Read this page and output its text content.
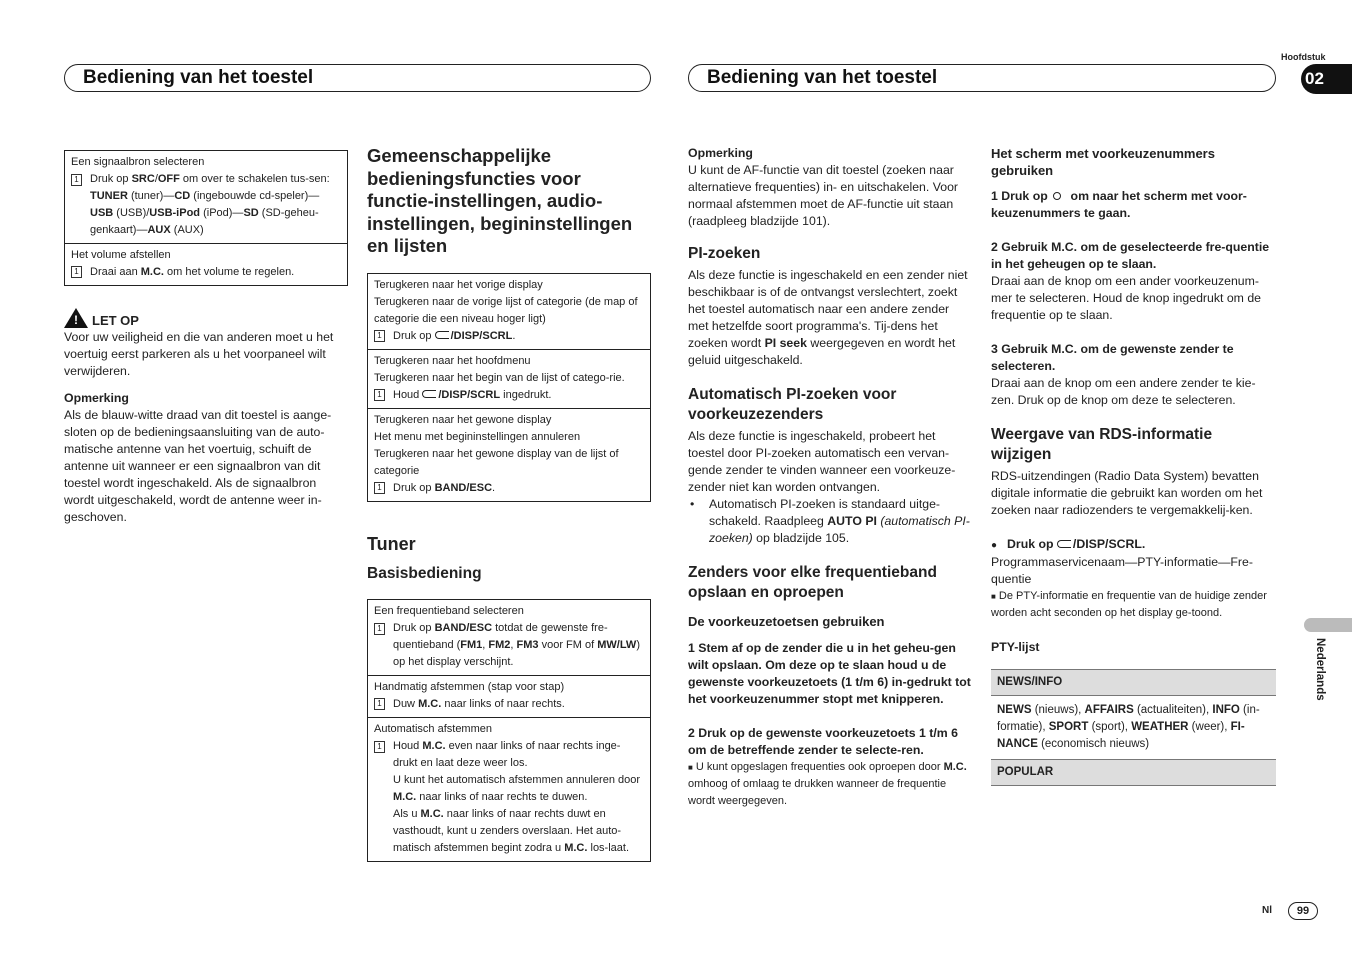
Bediening van het toestel	Bediening van het toestel
Hoofdstuk
02
Nederlands
Nl	99
Een signaalbron selecteren
1 Druk op SRC/OFF om over te schakelen tus-sen:
TUNER (tuner)—CD (ingebouwde cd-speler)—USB (USB)/USB-iPod (iPod)—SD (SD-geheu-genkaart)—AUX (AUX)
Het volume afstellen
1 Draai aan M.C. om het volume te regelen.
!LET OP

Voor uw veiligheid en die van anderen moet u het voertuig eerst parkeren als u het voorpaneel wilt verwijderen.

Opmerking

Als de blauw-witte draad van dit toestel is aange-sloten op de bedieningsaansluiting van de auto-matische antenne van het voertuig, schuift de antenne uit wanneer er een signaalbron van dit toestel wordt ingeschakeld. Als de signaalbron wordt uitgeschakeld, wordt de antenne weer in-geschoven.

Gemeenschappelijke bedieningsfuncties voor functie-instellingen, audio-instellingen, begininstellingen en lijsten
Terugkeren naar het vorige display
Terugkeren naar de vorige lijst of categorie (de map of categorie die een niveau hoger ligt)
1 Druk op /DISP/SCRL.
Terugkeren naar het hoofdmenu
Terugkeren naar het begin van de lijst of catego-rie.
1 Houd /DISP/SCRL ingedrukt.
Terugkeren naar het gewone display
Het menu met begininstellingen annuleren
Terugkeren naar het gewone display van de lijst of categorie
1 Druk op BAND/ESC.
Tuner
Basisbediening
Een frequentieband selecteren
1 Druk op BAND/ESC totdat de gewenste fre-quentieband (FM1, FM2, FM3 voor FM of MW/LW) op het display verschijnt.
Handmatig afstemmen (stap voor stap)
1 Duw M.C. naar links of naar rechts.
Automatisch afstemmen
1 Houd M.C. even naar links of naar rechts inge-drukt en laat deze weer los.
U kunt het automatisch afstemmen annuleren door M.C. naar links of naar rechts te duwen.
Als u M.C. naar links of naar rechts duwt en vasthoudt, kunt u zenders overslaan. Het auto-matisch afstemmen begint zodra u M.C. los-laat.
Opmerking

U kunt de AF-functie van dit toestel (zoeken naar alternatieve frequenties) in- en uitschakelen. Voor normaal afstemmen moet de AF-functie uit staan (raadpleeg bladzijde 101).

PI-zoeken

Als deze functie is ingeschakeld en een zender niet beschikbaar is of de ontvangst verslechtert, zoekt het toestel automatisch naar een andere zender met hetzelfde soort programma's. Tij-dens het zoeken wordt PI seek weergegeven en wordt het geluid uitgeschakeld.

Automatisch PI-zoeken voor voorkeuzezenders

Als deze functie is ingeschakeld, probeert het toestel door PI-zoeken automatisch een vervan-gende zender te vinden wanneer een voorkeuze-zender niet kan worden ontvangen.

•	Automatisch PI-zoeken is standaard uitge-schakeld. Raadpleeg AUTO PI (automatisch PI-zoeken) op bladzijde 105.
Zenders voor elke frequentieband opslaan en oproepen
De voorkeuzetoetsen gebruiken
1 Stem af op de zender die u in het geheu-gen wilt opslaan. Om deze op te slaan houd u de gewenste voorkeuzetoets (1 t/m 6) in-gedrukt tot het voorkeuzenummer stopt met knipperen.
2 Druk op de gewenste voorkeuzetoets 1 t/m 6 om de betreffende zender te selecte-ren.

■ U kunt opgeslagen frequenties ook oproepen door M.C. omhoog of omlaag te drukken wanneer de frequentie wordt weergegeven.

Het scherm met voorkeuzenummers gebruiken
1 Druk op  om naar het scherm met voor-keuzenummers te gaan.
2 Gebruik M.C. om de geselecteerde fre-quentie in het geheugen op te slaan.

Draai aan de knop om een ander voorkeuzenum-mer te selecteren. Houd de knop ingedrukt om de frequentie op te slaan.

3 Gebruik M.C. om de gewenste zender te selecteren.

Draai aan de knop om een andere zender te kie-zen. Druk op de knop om deze te selecteren.

Weergave van RDS-informatie wijzigen

RDS-uitzendingen (Radio Data System) bevatten digitale informatie die gebruikt kan worden om het zoeken naar radiozenders te vergemakkelij-ken.

● Druk op /DISP/SCRL.

Programmaservicenaam—PTY-informatie—Fre-quentie

■ De PTY-informatie en frequentie van de huidige zender worden acht seconden op het display ge-toond.

PTY-lijst
NEWS/INFO
NEWS (nieuws), AFFAIRS (actualiteiten), INFO (in-formatie), SPORT (sport), WEATHER (weer), FI-NANCE (economisch nieuws)
POPULAR
